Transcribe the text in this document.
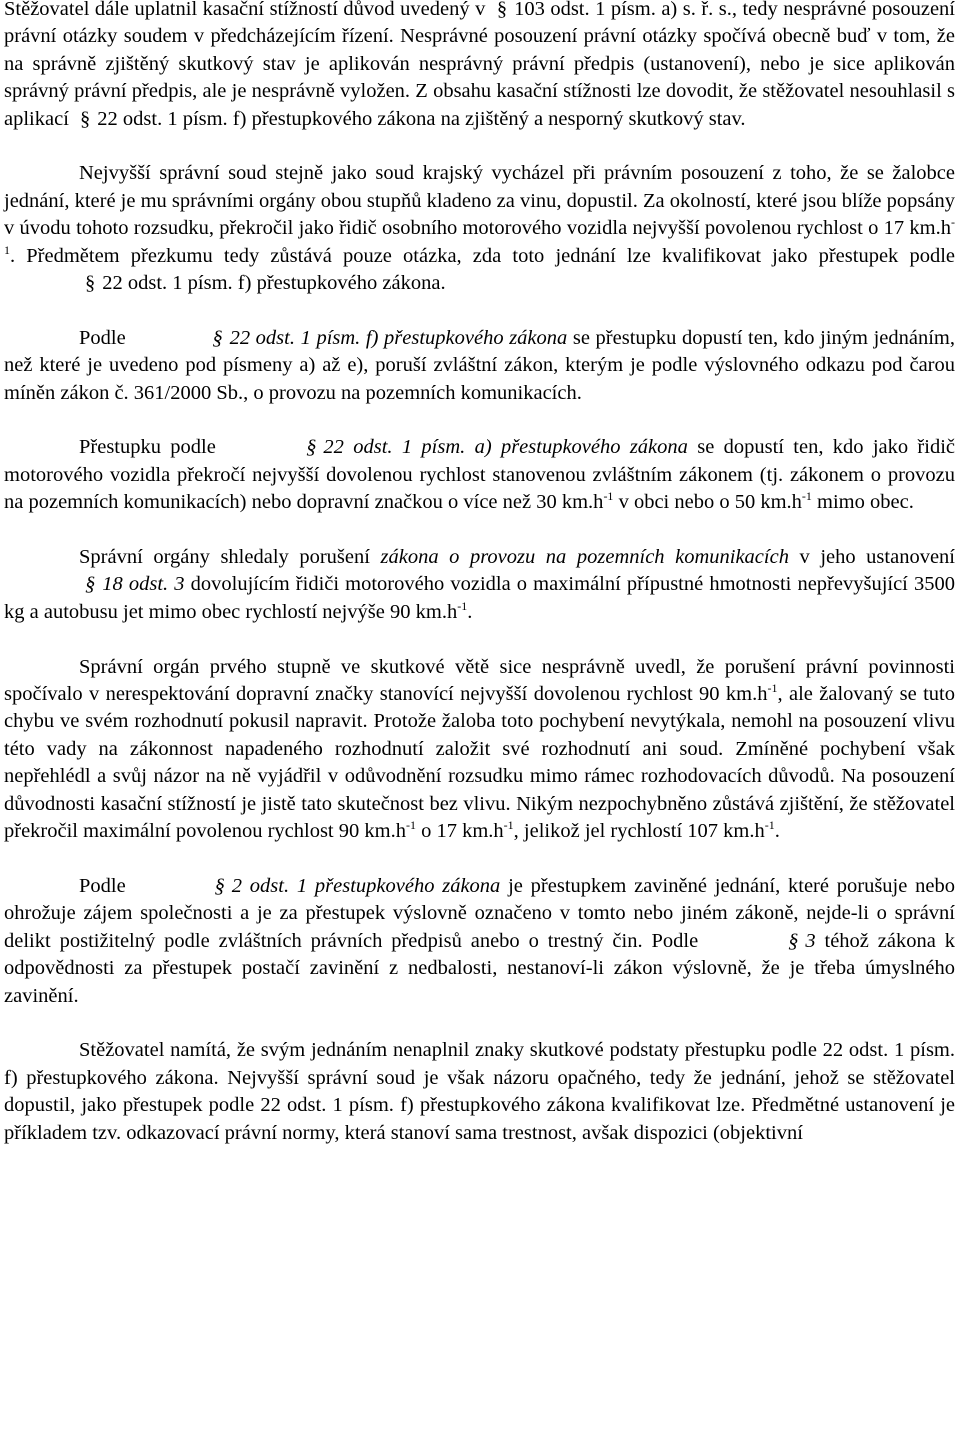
Stěžovatel dále uplatnil kasační stížností důvod uvedený v § 103 odst. 1 písm. a) s. ř. s., tedy nesprávné posouzení právní otázky soudem v předcházejícím řízení. Nesprávné posouzení právní otázky spočívá obecně buď v tom, že na správně zjištěný skutkový stav je aplikován nesprávný právní předpis (ustanovení), nebo je sice aplikován správný právní předpis, ale je nesprávně vyložen. Z obsahu kasační stížnosti lze dovodit, že stěžovatel nesouhlasil s aplikací § 22 odst. 1 písm. f) přestupkového zákona na zjištěný a nesporný skutkový stav.

Nejvyšší správní soud stejně jako soud krajský vycházel při právním posouzení z toho, že se žalobce jednání, které je mu správními orgány obou stupňů kladeno za vinu, dopustil. Za okolností, které jsou blíže popsány v úvodu tohoto rozsudku, překročil jako řidič osobního motorového vozidla nejvyšší povolenou rychlost o 17 $km.h^{-1}$. Předmětem přezkumu tedy zůstává pouze otázka, zda toto jednání lze kvalifikovat jako přestupek podle § 22 odst. 1 písm. f) přestupkového zákona.

Podle	§ 22 odst. 1 písm. f) přestupkového zákona se přestupku dopustí ten, kdo jiným jednáním, než které je uvedeno pod písmeny a) až e), poruší zvláštní zákon, kterým je podle výslovného odkazu pod čarou míněn zákon č. 361/2000 Sb., o provozu na pozemních komunikacích.

Přestupku podle	§ 22 odst. 1 písm. a) přestupkového zákona se dopustí ten, kdo jako řidič motorového vozidla překročí nejvyšší dovolenou rychlost stanovenou zvláštním zákonem (tj. zákonem o provozu na pozemních komunikacích) nebo dopravní značkou o více než 30 $km.h^{-1}$ v obci nebo o 50 $km.h^{-1}$ mimo obec.

Správní orgány shledaly porušení zákona o provozu na pozemních komunikacích v jeho ustanovení § 18 odst. 3 dovolujícím řidiči motorového vozidla o maximální přípustné hmotnosti nepřevyšující 3500 kg a autobusu jet mimo obec rychlostí nejvýše 90 $km.h^{-1}$.

Správní orgán prvého stupně ve skutkové větě sice nesprávně uvedl, že porušení právní povinnosti spočívalo v nerespektování dopravní značky stanovící nejvyšší dovolenou rychlost 90 $km.h^{-1}$, ale žalovaný se tuto chybu ve svém rozhodnutí pokusil napravit. Protože žaloba toto pochybení nevytýkala, nemohl na posouzení vlivu této vady na zákonnost napadeného rozhodnutí založit své rozhodnutí ani soud. Zmíněné pochybení však nepřehlédl a svůj názor na ně vyjádřil v odůvodnění rozsudku mimo rámec rozhodovacích důvodů. Na posouzení důvodnosti kasační stížností je jistě tato skutečnost bez vlivu. Nikým nezpochybněno zůstává zjištění, že stěžovatel překročil maximální povolenou rychlost 90 $km.h^{-1}$ o 17 $km.h^{-1}$, jelikož jel rychlostí 107 $km.h^{-1}$.

Podle	§ 2 odst. 1 přestupkového zákona je přestupkem zaviněné jednání, které porušuje nebo ohrožuje zájem společnosti a je za přestupek výslovně označeno v tomto nebo jiném zákoně, nejde-li o správní delikt postižitelný podle zvláštních právních předpisů anebo o trestný čin. Podle	§ 3 téhož zákona k odpovědnosti za přestupek postačí zavinění z nedbalosti, nestanoví-li zákon výslovně, že je třeba úmyslného zavinění.

Stěžovatel namítá, že svým jednáním nenaplnil znaky skutkové podstaty přestupku podle 22 odst. 1 písm. f) přestupkového zákona. Nejvyšší správní soud je však názoru opačného, tedy že jednání, jehož se stěžovatel dopustil, jako přestupek podle 22 odst. 1 písm. f) přestupkového zákona kvalifikovat lze. Předmětné ustanovení je příkladem tzv. odkazovací právní normy, která stanoví sama trestnost, avšak dispozici (objektivní
